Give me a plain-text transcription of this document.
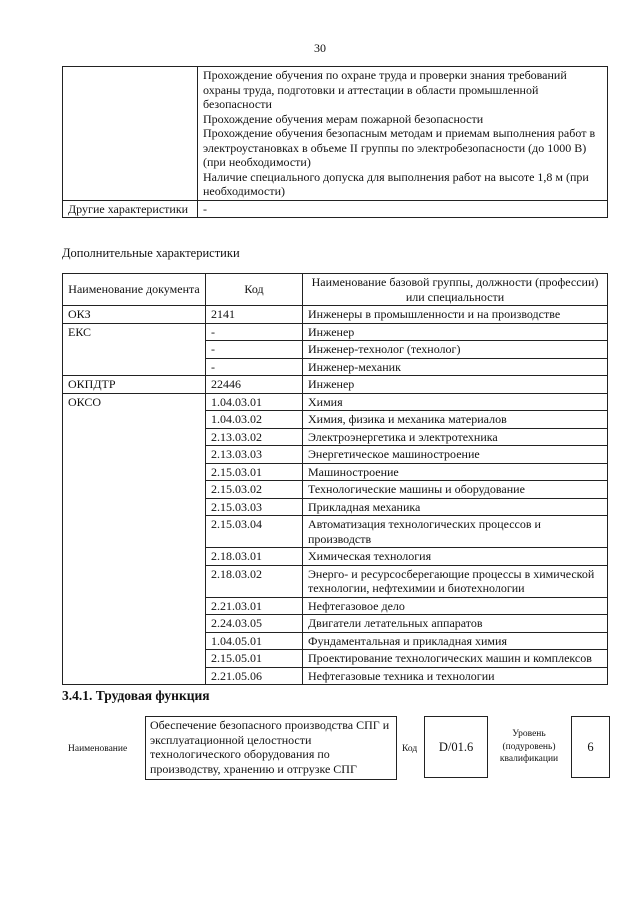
30

	Прохождение обучения по охране труда и проверки знания требований охраны труда, подготовки и аттестации в области промышленной безопасности
Прохождение обучения мерам пожарной безопасности
Прохождение обучения безопасным методам и приемам выполнения работ в электроустановках в объеме II группы по электробезопасности (до 1000 В) (при необходимости)
Наличие специального допуска для выполнения работ на высоте 1,8 м (при необходимости)

Другие характеристики	-
Дополнительные характеристики
Наименование документа	Код	Наименование базовой группы, должности (профессии) или специальности
ОКЗ	2141	Инженеры в промышленности и на производстве
ЕКС	-	Инженер
	-	Инженер-технолог (технолог)
	-	Инженер-механик
ОКПДТР	22446	Инженер
ОКСО	1.04.03.01	Химия
	1.04.03.02	Химия, физика и механика материалов
	2.13.03.02	Электроэнергетика и электротехника
	2.13.03.03	Энергетическое машиностроение
	2.15.03.01	Машиностроение
	2.15.03.02	Технологические машины и оборудование
	2.15.03.03	Прикладная механика
	2.15.03.04	Автоматизация технологических процессов и производств
	2.18.03.01	Химическая технология
	2.18.03.02	Энерго- и ресурсосберегающие процессы в химической технологии, нефтехимии и биотехнологии
	2.21.03.01	Нефтегазовое дело
	2.24.03.05	Двигатели летательных аппаратов
	1.04.05.01	Фундаментальная и прикладная химия
	2.15.05.01	Проектирование технологических машин и комплексов
	2.21.05.06	Нефтегазовые техника и технологии
3.4.1. Трудовая функция
Наименование
Обеспечение безопасного производства СПГ и эксплуатационной целостности технологического оборудования по производству, хранению и отгрузке СПГ
Код	D/01.6
Уровень (подуровень) квалификации
6
